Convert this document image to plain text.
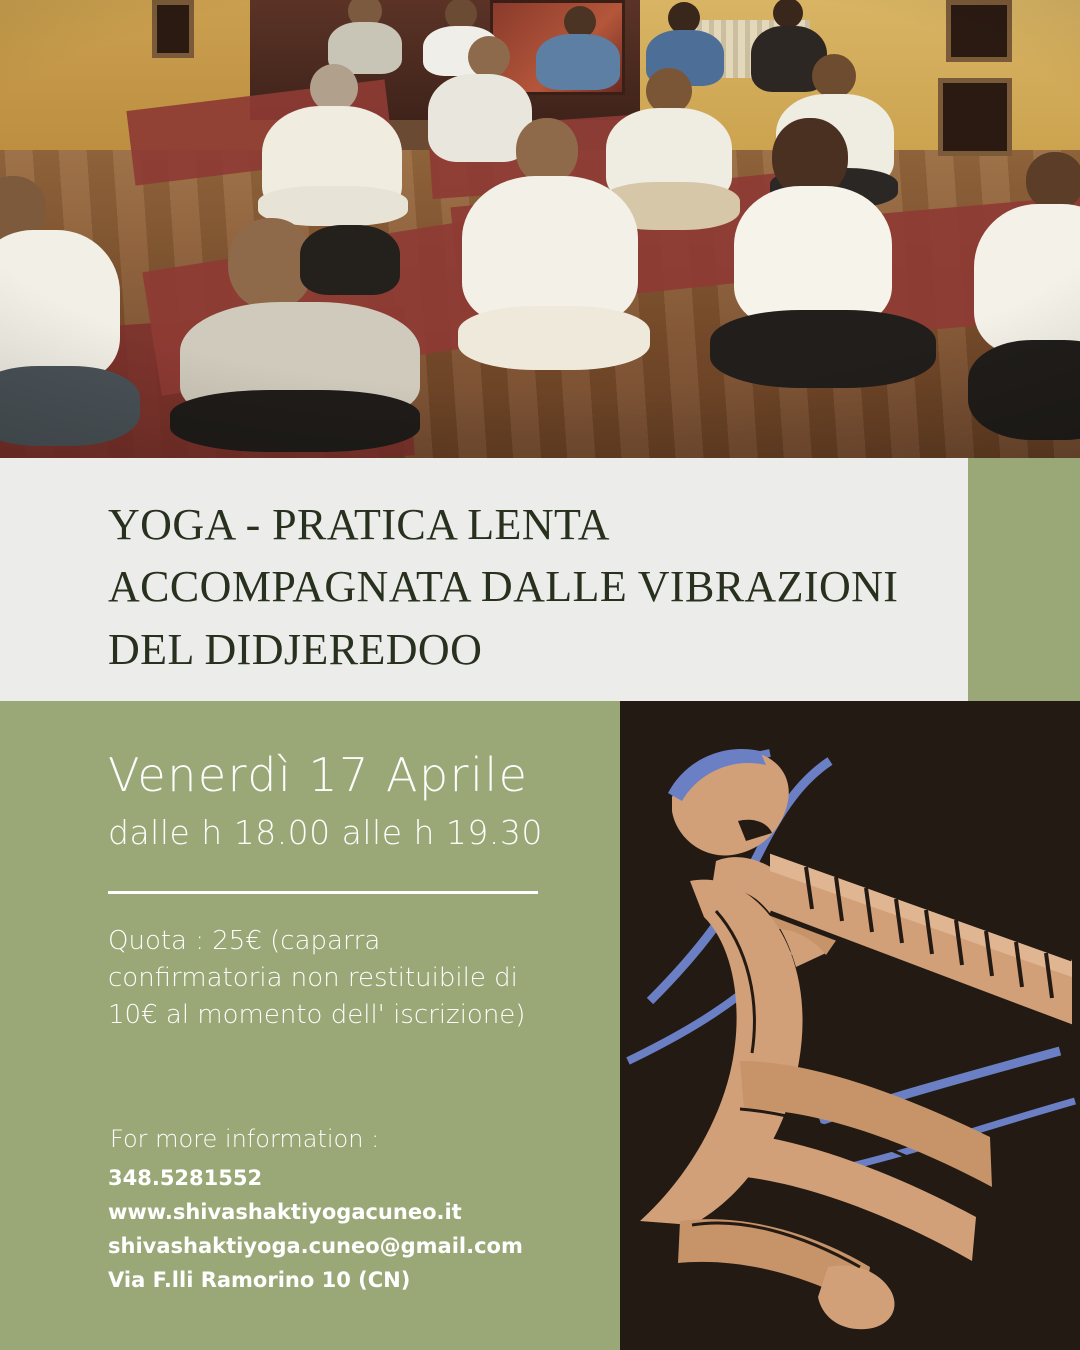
YOGA - PRATICA LENTA ACCOMPAGNATA DALLE VIBRAZIONI DEL DIDJEREDOO
Venerdì 17 Aprile
dalle h 18.00 alle h 19.30
Quota : 25€ (caparra confirmatoria non restituibile di 10€ al momento dell' iscrizione)
For more information :
348.5281552
www.shivashaktiyogacuneo.it
shivashaktiyoga.cuneo@gmail.com
Via F.lli Ramorino 10 (CN)
